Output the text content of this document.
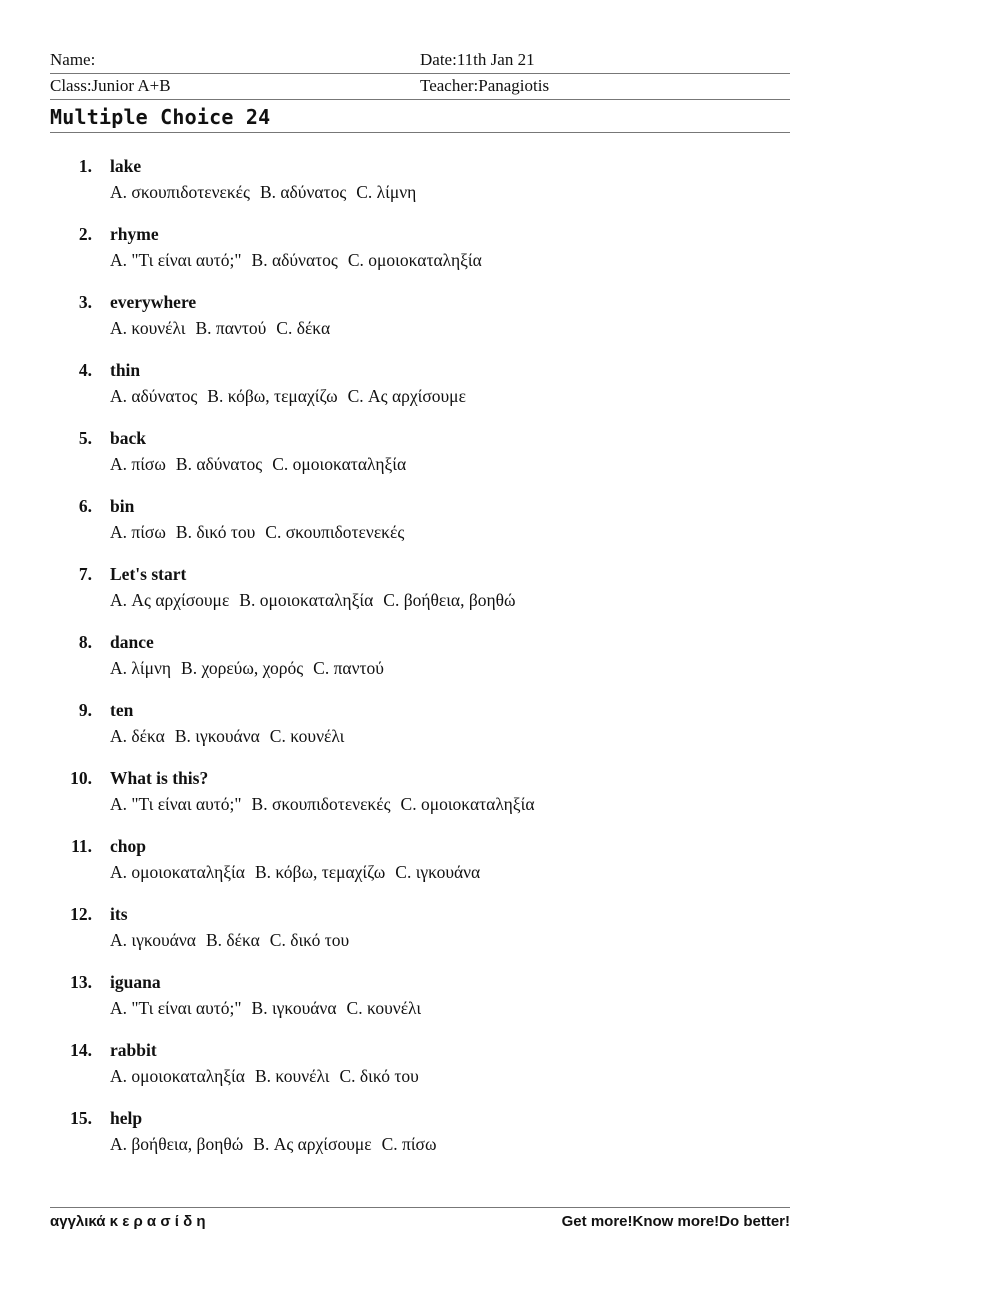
Name:	Date:11th Jan 21
Class:Junior A+B	Teacher:Panagiotis
Multiple Choice 24
1. lake
A. σκουπιδοτενεκές B. αδύνατος C. λίμνη
2. rhyme
A. "Τι είναι αυτό;" B. αδύνατος C. ομοιοκαταληξία
3. everywhere
A. κουνέλι B. παντού C. δέκα
4. thin
A. αδύνατος B. κόβω, τεμαχίζω C. Ας αρχίσουμε
5. back
A. πίσω B. αδύνατος C. ομοιοκαταληξία
6. bin
A. πίσω B. δικό του C. σκουπιδοτενεκές
7. Let's start
A. Ας αρχίσουμε B. ομοιοκαταληξία C. βοήθεια, βοηθώ
8. dance
A. λίμνη B. χορεύω, χορός C. παντού
9. ten
A. δέκα B. ιγκουάνα C. κουνέλι
10. What is this?
A. "Τι είναι αυτό;" B. σκουπιδοτενεκές C. ομοιοκαταληξία
11. chop
A. ομοιοκαταληξία B. κόβω, τεμαχίζω C. ιγκουάνα
12. its
A. ιγκουάνα B. δέκα C. δικό του
13. iguana
A. "Τι είναι αυτό;" B. ιγκουάνα C. κουνέλι
14. rabbit
A. ομοιοκαταληξία B. κουνέλι C. δικό του
15. help
A. βοήθεια, βοηθώ B. Ας αρχίσουμε C. πίσω
αγγλικά κ ε ρ α σ ί δ η	Get more!Know more!Do better!
